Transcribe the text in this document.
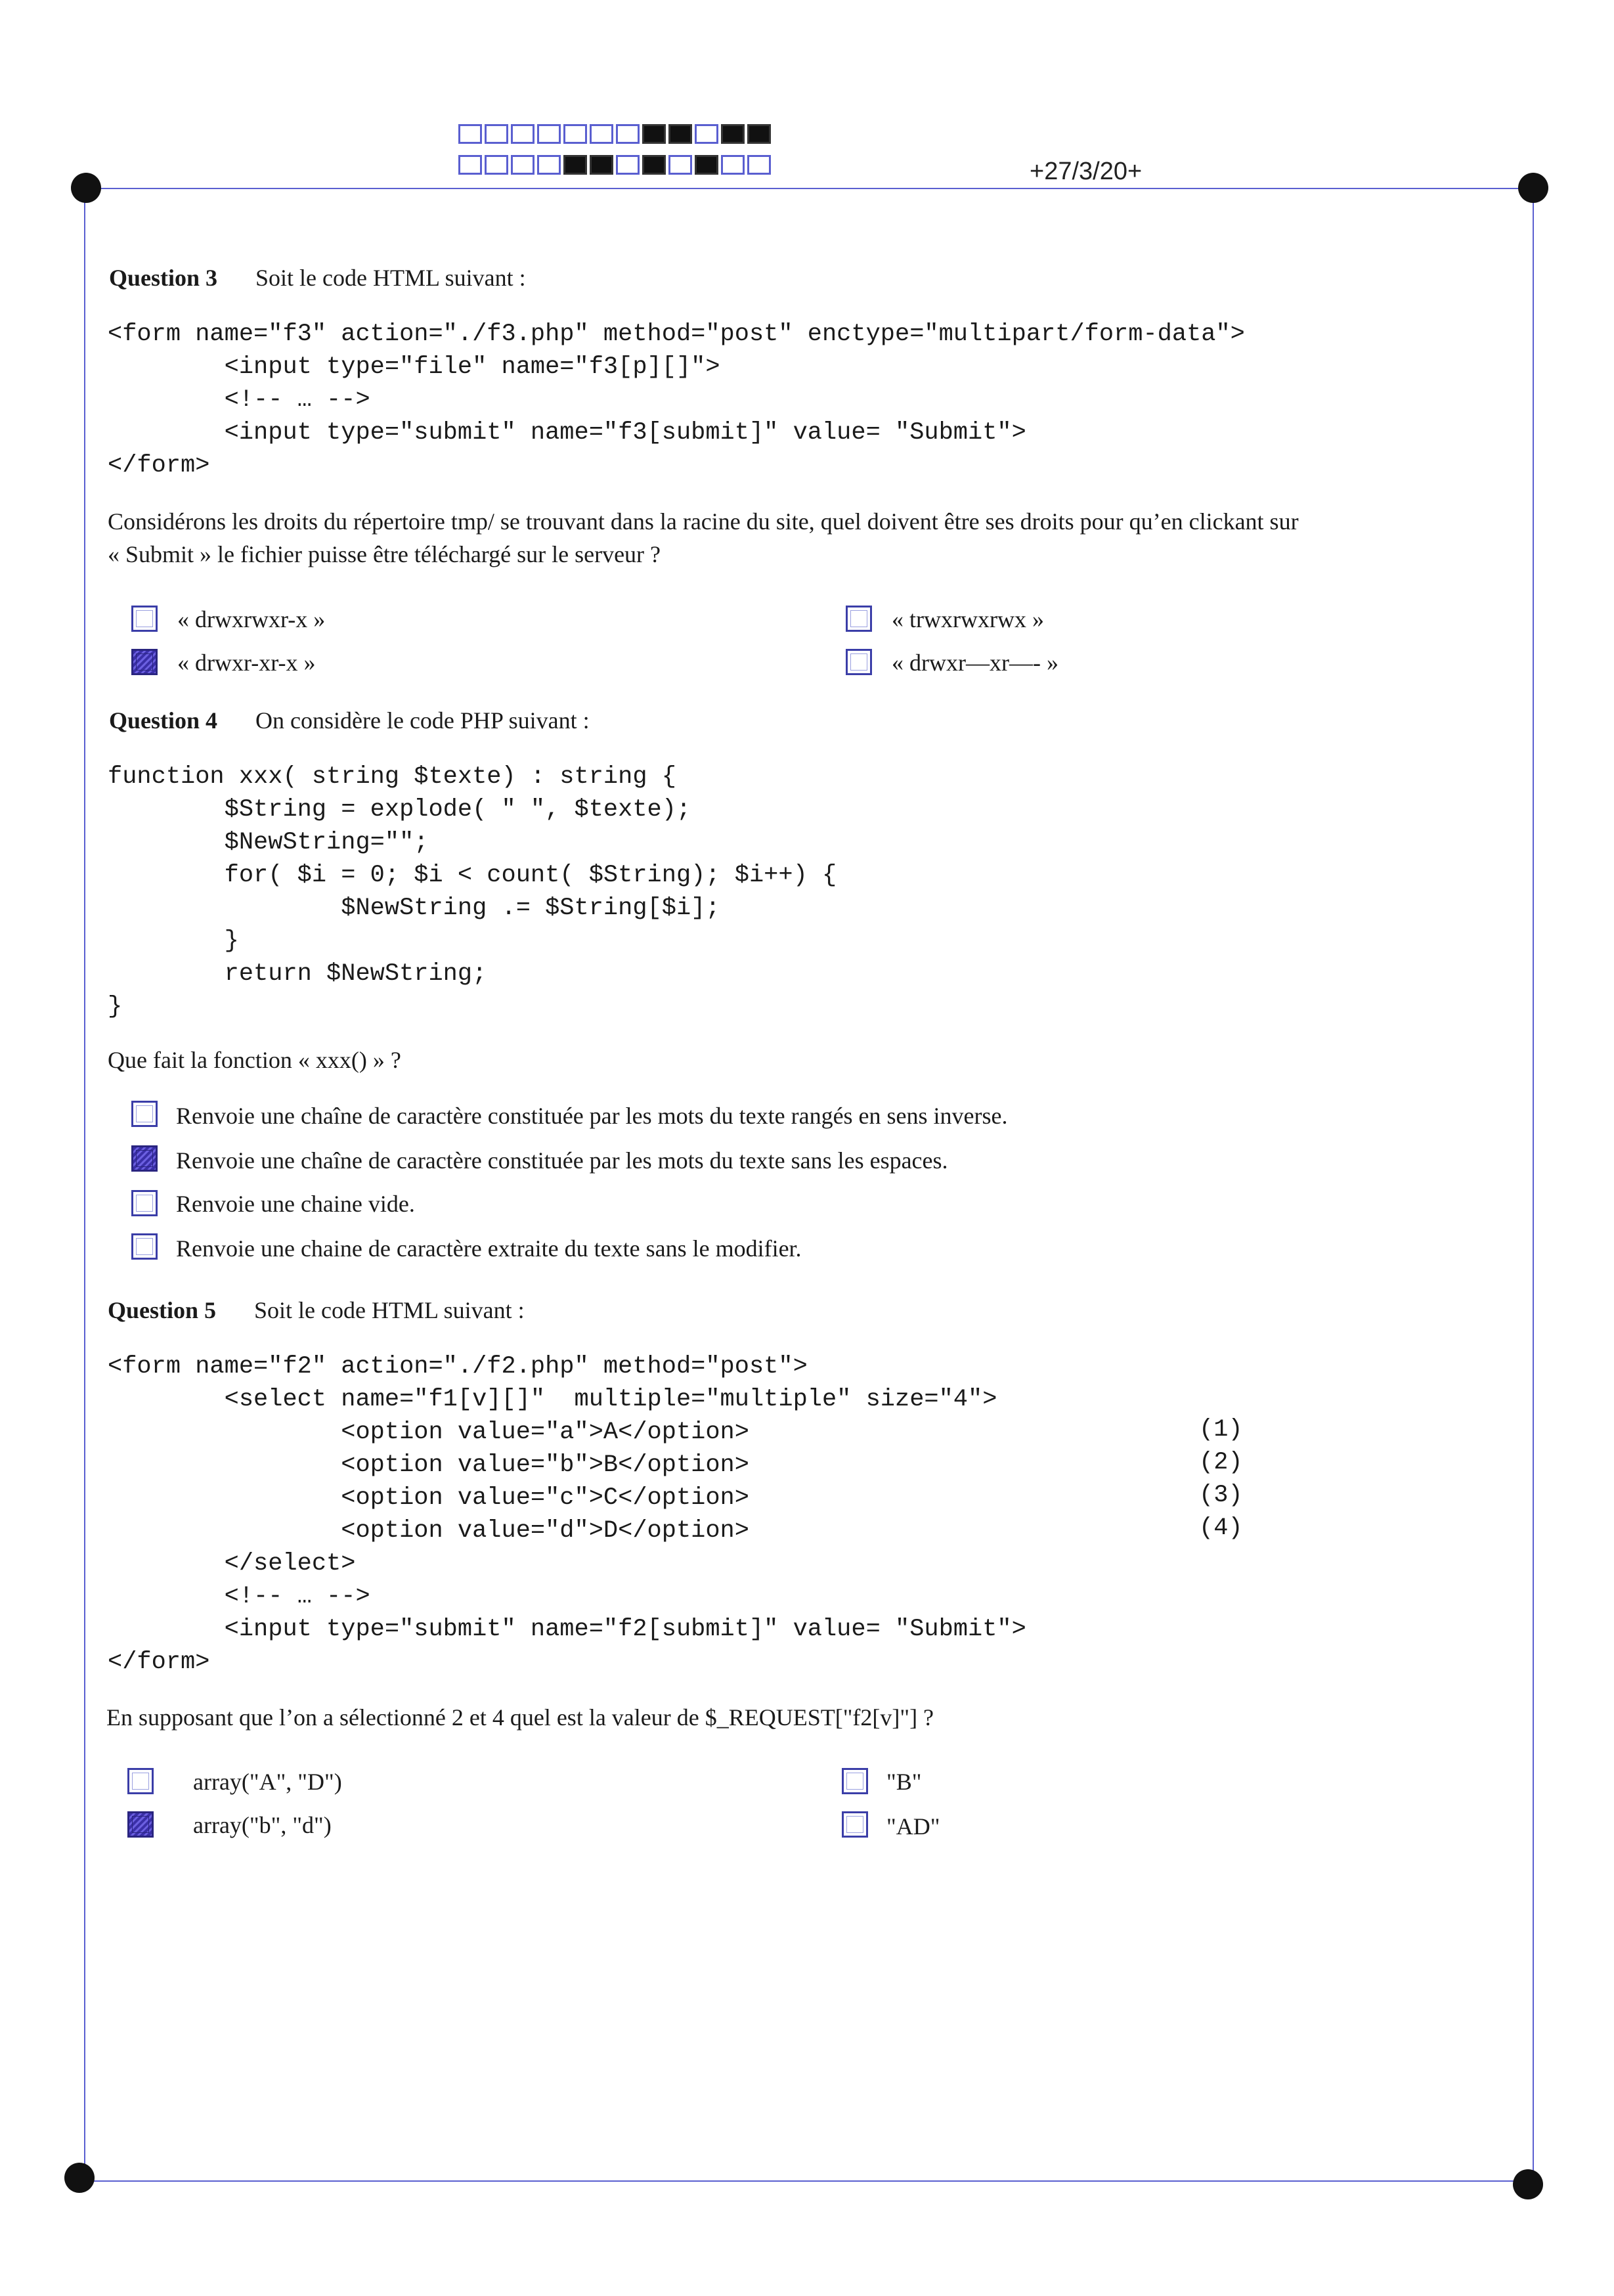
+27/3/20+
Question 3 Soit le code HTML suivant :
<form name="f3" action="./f3.php" method="post" enctype="multipart/form-data">
<input type="file" name="f3[p][]">
<!-- … -->
<input type="submit" name="f3[submit]" value= "Submit">
</form>
Considérons les droits du répertoire tmp/ se trouvant dans la racine du site, quel doivent être ses droits pour qu’en clickant sur
« Submit » le fichier puisse être téléchargé sur le serveur ?
« drwxrwxr-x »
« drwxr-xr-x »
« trwxrwxrwx »
« drwxr—xr—- »
Question 4 On considère le code PHP suivant :
function xxx( string $texte) : string {
$String = explode( " ", $texte);
$NewString="";
for( $i = 0; $i < count( $String); $i++) {
$NewString .= $String[$i];
}
return $NewString;
}
Que fait la fonction « xxx() » ?
Renvoie une chaîne de caractère constituée par les mots du texte rangés en sens inverse.
Renvoie une chaîne de caractère constituée par les mots du texte sans les espaces.
Renvoie une chaine vide.
Renvoie une chaine de caractère extraite du texte sans le modifier.
Question 5 Soit le code HTML suivant :
<form name="f2" action="./f2.php" method="post">
<select name="f1[v][]"  multiple="multiple" size="4">
<option value="a">A</option>
<option value="b">B</option>
<option value="c">C</option>
<option value="d">D</option>
</select>
<!-- … -->
<input type="submit" name="f2[submit]" value= "Submit">
</form>
(1)
(2)
(3)
(4)
En supposant que l’on a sélectionné 2 et 4 quel est la valeur de $_REQUEST["f2[v]"] ?
array("A", "D")
array("b", "d")
"B"
"AD"
